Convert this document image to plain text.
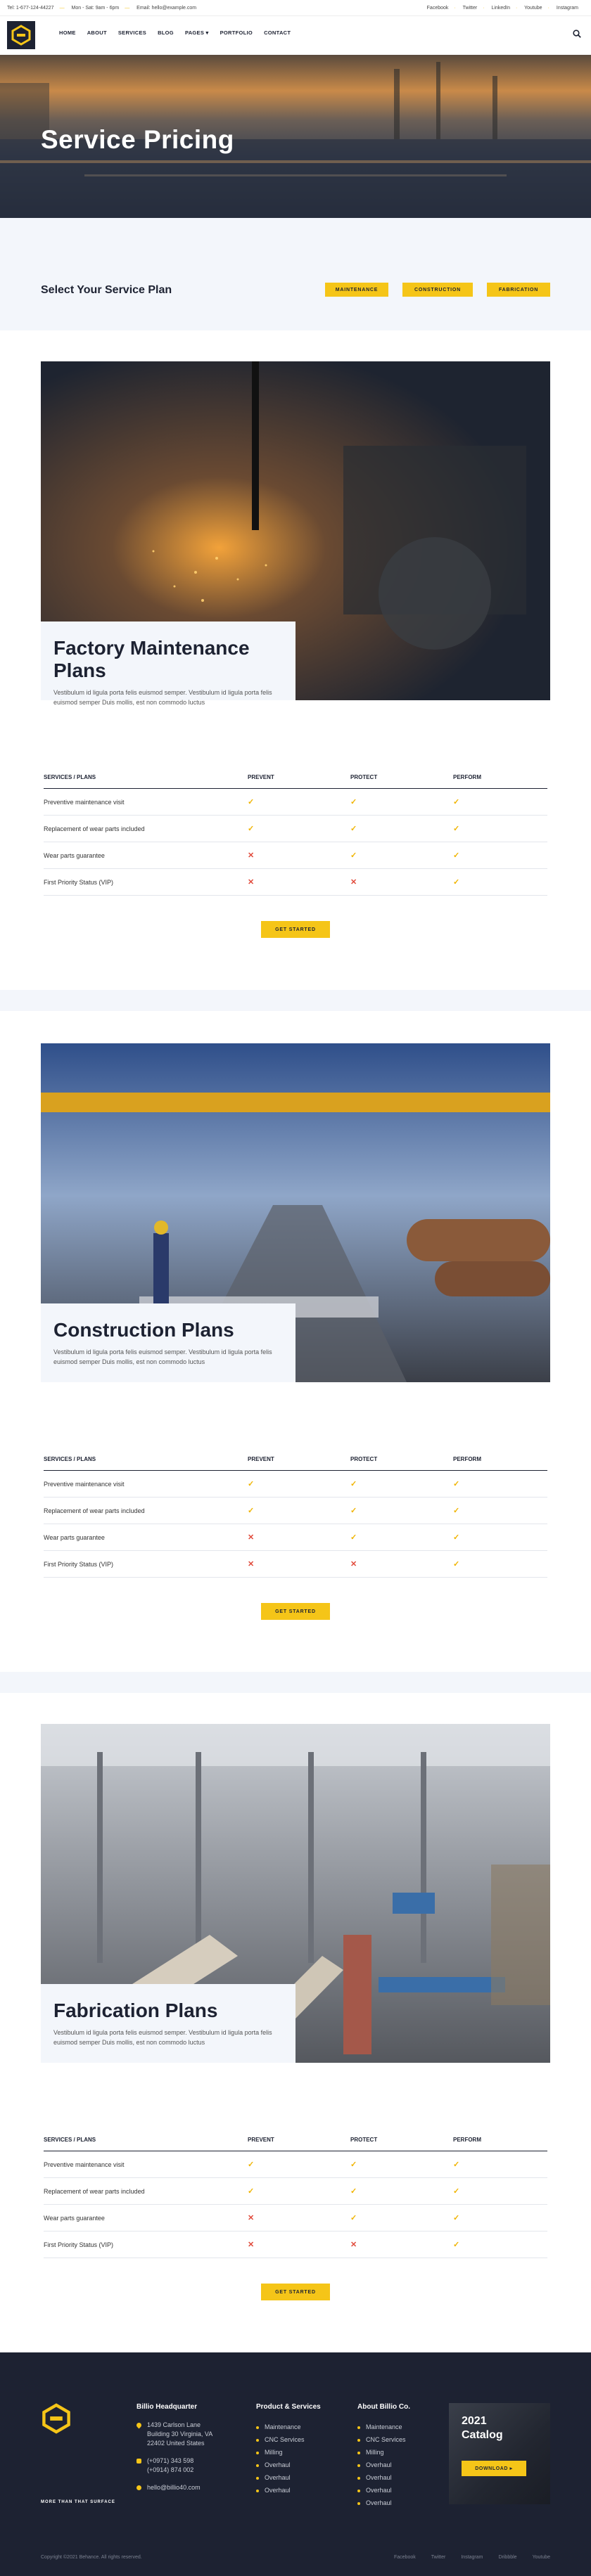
Tel: 1-677-124-44227 — Mon - Sat: 9am - 6pm — Email: hello@example.com	Facebook · Twitter · LinkedIn · Youtube · Instagram
HOME ABOUT SERVICES BLOG PAGES ▾ PORTFOLIO CONTACT
Service Pricing
Select Your Service Plan	MAINTENANCE	CONSTRUCTION	FABRICATION
Factory Maintenance Plans

Vestibulum id ligula porta felis euismod semper. Vestibulum id ligula porta felis euismod semper Duis mollis, est non commodo luctus

SERVICES / PLANS	PREVENT	PROTECT	PERFORM
Preventive maintenance visit	✓	✓	✓
Replacement of wear parts included	✓	✓	✓
Wear parts guarantee	✕	✓	✓
First Priority Status (VIP)	✕	✕	✓
GET STARTED
Construction Plans

Vestibulum id ligula porta felis euismod semper. Vestibulum id ligula porta felis euismod semper Duis mollis, est non commodo luctus

SERVICES / PLANS	PREVENT	PROTECT	PERFORM
Preventive maintenance visit	✓	✓	✓
Replacement of wear parts included	✓	✓	✓
Wear parts guarantee	✕	✓	✓
First Priority Status (VIP)	✕	✕	✓
GET STARTED
Fabrication Plans

Vestibulum id ligula porta felis euismod semper. Vestibulum id ligula porta felis euismod semper Duis mollis, est non commodo luctus

SERVICES / PLANS	PREVENT	PROTECT	PERFORM
Preventive maintenance visit	✓	✓	✓
Replacement of wear parts included	✓	✓	✓
Wear parts guarantee	✕	✓	✓
First Priority Status (VIP)	✕	✕	✓
GET STARTED
MORE THAN THAT SURFACE
Billio Headquarter

1439 Carlson Lane

Building 30 Virginia, VA

22402 United States

(+0971) 343 598

(+0914) 874 002

hello@billio40.com

Product & Services
Maintenance
CNC Services
Milling
Overhaul
Overhaul
Overhaul
About Billio Co.
Maintenance
CNC Services
Milling
Overhaul
Overhaul
Overhaul
Overhaul
2021
Catalog
DOWNLOAD ▸
Copyright ©2021 Behance. All rights reserved.	Facebook	Twitter	Instagram	Dribbble	Youtube
